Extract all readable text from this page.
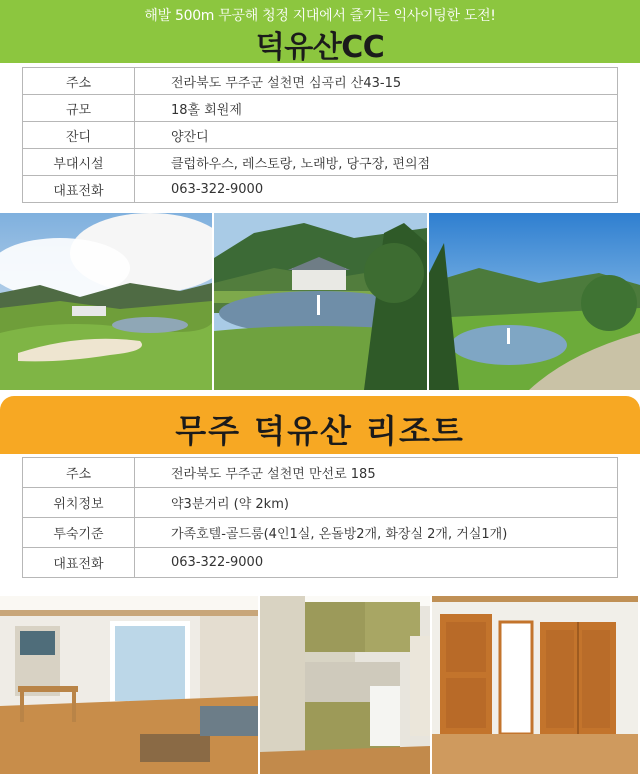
해발 500m 무공해 청정 지대에서 즐기는 익사이팅한 도전!
덕유산CC
주소	전라북도 무주군 설천면 심곡리 산43-15
규모	18홀 회원제
잔디	양잔디
부대시설	클럽하우스, 레스토랑, 노래방, 당구장, 편의점
대표전화	063-322-9000
무주 덕유산 리조트
주소	전라북도 무주군 설천면 만선로 185
위치정보	약3분거리 (약 2km)
투숙기준	가족호텔-골드룸(4인1실, 온돌방2개, 화장실 2개, 거실1개)
대표전화	063-322-9000
